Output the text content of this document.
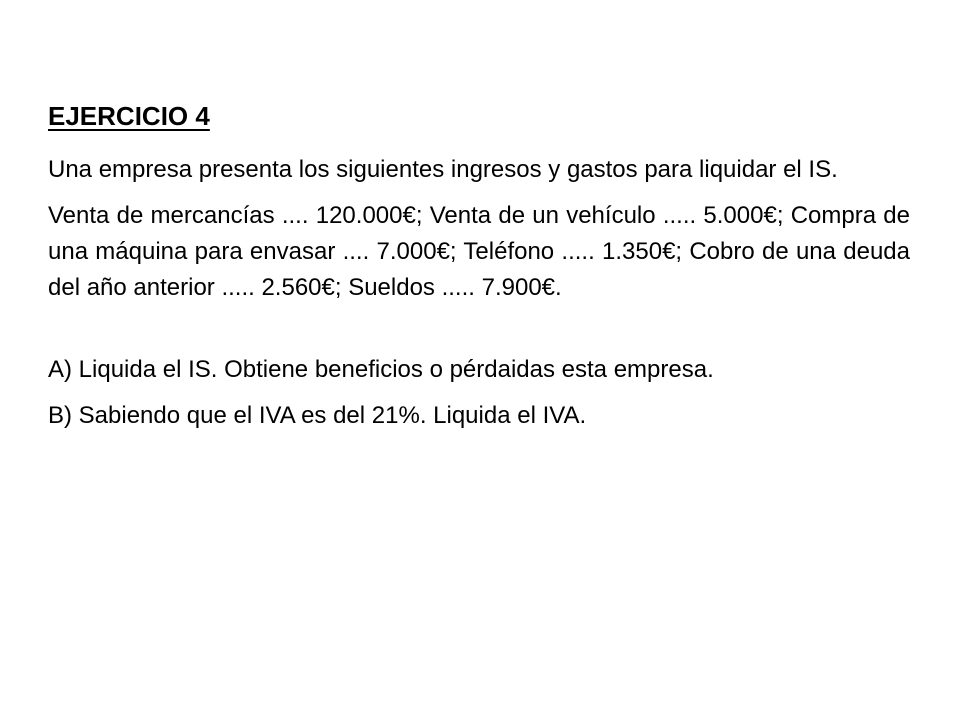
EJERCICIO 4

Una empresa presenta los siguientes ingresos y gastos para liquidar el IS.

Venta de mercancías .... 120.000€; Venta de un vehículo ..... 5.000€; Compra de una máquina para envasar .... 7.000€; Teléfono ..... 1.350€; Cobro de una deuda del año anterior ..... 2.560€; Sueldos ..... 7.900€.

A) Liquida el IS. Obtiene beneficios o pérdaidas esta empresa.

B) Sabiendo que el IVA es del 21%. Liquida el IVA.
